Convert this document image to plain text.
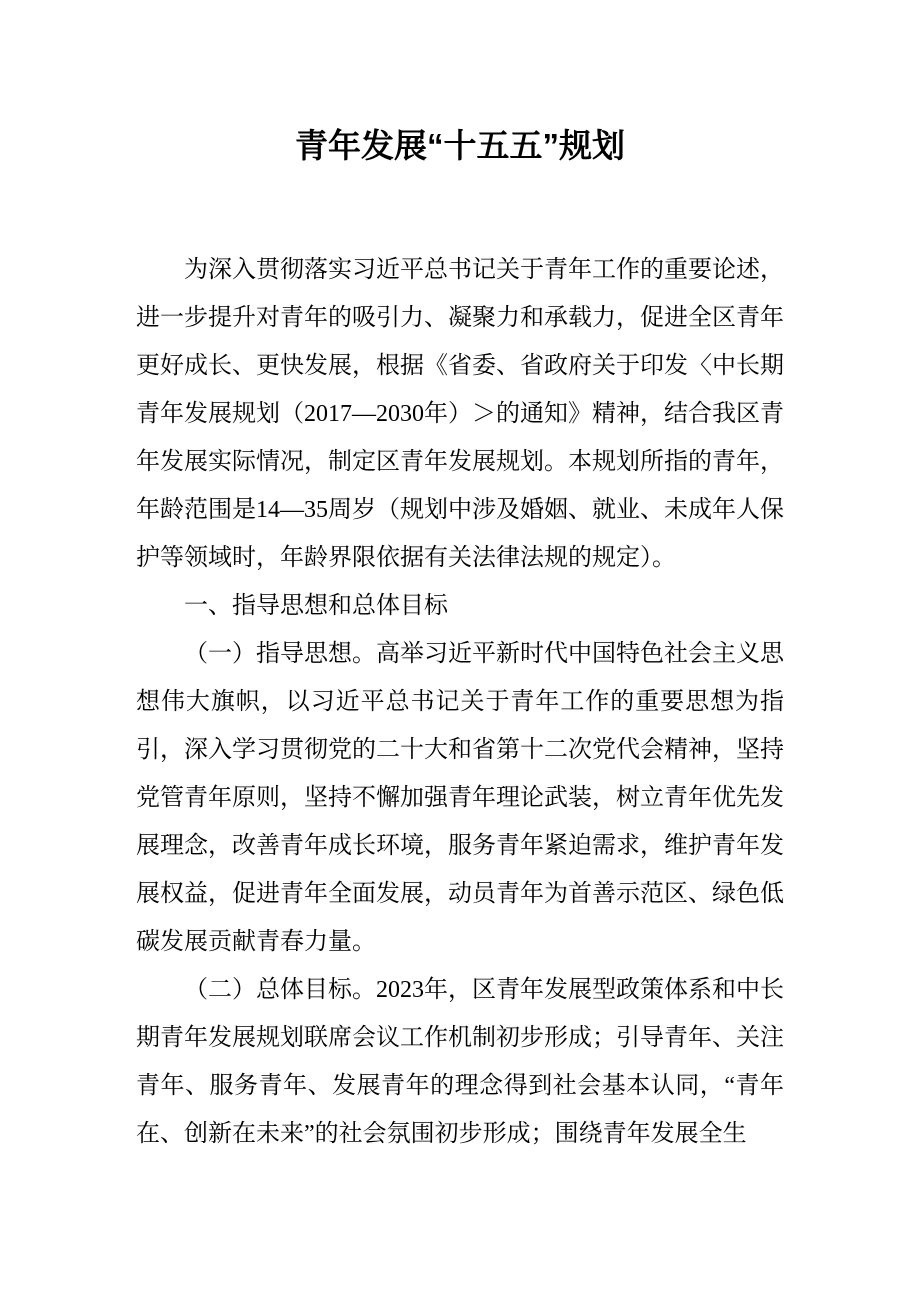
青年发展“十五五”规划

为深入贯彻落实习近平总书记关于青年工作的重要论述，进一步提升对青年的吸引力、凝聚力和承载力，促进全区青年更好成长、更快发展，根据《省委、省政府关于印发〈中长期青年发展规划（2017—2030年）＞的通知》精神，结合我区青年发展实际情况，制定区青年发展规划。本规划所指的青年，年龄范围是14—35周岁（规划中涉及婚姻、就业、未成年人保护等领域时，年龄界限依据有关法律法规的规定）。

一、指导思想和总体目标

（一）指导思想。高举习近平新时代中国特色社会主义思想伟大旗帜，以习近平总书记关于青年工作的重要思想为指引，深入学习贯彻党的二十大和省第十二次党代会精神，坚持党管青年原则，坚持不懈加强青年理论武装，树立青年优先发展理念，改善青年成长环境，服务青年紧迫需求，维护青年发展权益，促进青年全面发展，动员青年为首善示范区、绿色低碳发展贡献青春力量。

（二）总体目标。2023年，区青年发展型政策体系和中长期青年发展规划联席会议工作机制初步形成；引导青年、关注青年、服务青年、发展青年的理念得到社会基本认同，“青年在、创新在未来”的社会氛围初步形成；围绕青年发展全生
